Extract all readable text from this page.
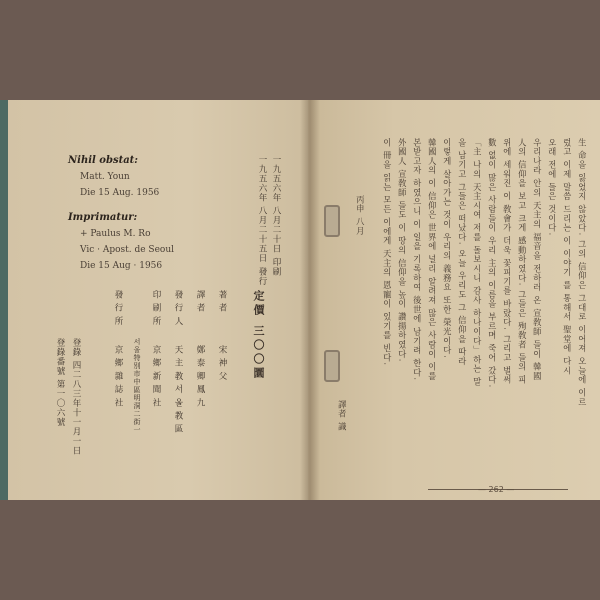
Nihil obstat:
Matt. Youn
Die 15 Aug. 1956
Imprimatur:
+ Paulus M. Ro
Vic · Apost. de Seoul
Die 15 Aug · 1956	一九五六年 八月二十日 印刷
一九五六年 八月二十五日 發行
定價 三〇〇圜
著 者
宋 神 父
譯 者
鄭 泰 卿 鳳 九
發 行 人
天 主 教 서 울 教 區
印 刷 所
京 鄉 新 聞 社
서울特別市中區明洞二街一
發 行 所
京 鄉 雜 誌 社
登錄 四二八三年十一月一日
登錄番號 第一〇六號	生 命을 잃었지 않았다. 그의 信仰은 그대로 이어져 오늘에 이르
렀고 이제 말씀 드리는 이 이야기 를 통해서 聖堂에 다시
오래 전에 들은 것이다.
우리나라 안의 天主의 福音을 전하러 온 宣敎師 들이 韓國
人의 信仰을 보고 크게 感動하였다. 그들은 殉敎者 들의 피
위에 세워진 이 敎會가 더욱 꽃피기를 바랐다. 그리고 벌써
數 없이 많은 사람들이 우리 主의 이름을 부르며 죽어 갔다.
「主 나의 天主시여 저를 돌보시니 감사 하나이다」하는 말
을 남기고 그들은 떠났다. 오늘 우리도 그 信仰을 따라
이렇게 살아가는 것이 우리의 義務요 또한 榮光이다.
韓國人의 이 信仰은 世界에 널리 알려져 많은 사람이 이를
본받고자 하였으니 이 일을 기록하여 後世에 남기려 한다.
外國人 宣敎師 들도 이 땅의 信仰을 높이 讚揚하였다.
이 冊을 읽는 모든 이에게 天主의 恩寵이 있기를 빈다.
丙申 八月
譯者 識
— 262 —
